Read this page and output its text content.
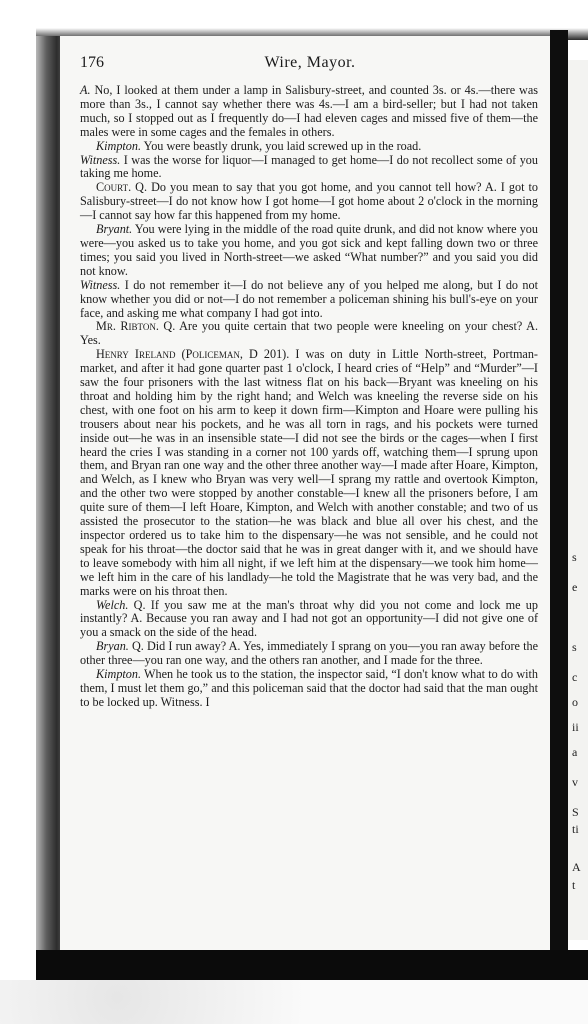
s
e
s
c
o
ii
a
v
S
ti
A
t
Wire, Mayor.
176

A. No, I looked at them under a lamp in Salisbury-street, and counted 3s. or 4s.—there was more than 3s., I cannot say whether there was 4s.—I am a bird-seller; but I had not taken much, so I stopped out as I frequently do—I had eleven cages and missed five of them—the males were in some cages and the females in others.

Kimpton. You were beastly drunk, you laid screwed up in the road.

Witness. I was the worse for liquor—I managed to get home—I do not recollect some of you taking me home.

Court. Q. Do you mean to say that you got home, and you cannot tell how? A. I got to Salisbury-street—I do not know how I got home—I got home about 2 o'clock in the morning—I cannot say how far this happened from my home.

Bryant. You were lying in the middle of the road quite drunk, and did not know where you were—you asked us to take you home, and you got sick and kept falling down two or three times; you said you lived in North-street—we asked “What number?” and you said you did not know.

Witness. I do not remember it—I do not believe any of you helped me along, but I do not know whether you did or not—I do not remember a policeman shining his bull's-eye on your face, and asking me what company I had got into.

Mr. Ribton. Q. Are you quite certain that two people were kneeling on your chest? A. Yes.

Henry Ireland (Policeman, D 201). I was on duty in Little North-street, Portman-market, and after it had gone quarter past 1 o'clock, I heard cries of “Help” and “Murder”—I saw the four prisoners with the last witness flat on his back—Bryant was kneeling on his throat and holding him by the right hand; and Welch was kneeling the reverse side on his chest, with one foot on his arm to keep it down firm—Kimpton and Hoare were pulling his trousers about near his pockets, and he was all torn in rags, and his pockets were turned inside out—he was in an insensible state—I did not see the birds or the cages—when I first heard the cries I was standing in a corner not 100 yards off, watching them—I sprung upon them, and Bryan ran one way and the other three another way—I made after Hoare, Kimpton, and Welch, as I knew who Bryan was very well—I sprang my rattle and overtook Kimpton, and the other two were stopped by another constable—I knew all the prisoners before, I am quite sure of them—I left Hoare, Kimpton, and Welch with another constable; and two of us assisted the prosecutor to the station—he was black and blue all over his chest, and the inspector ordered us to take him to the dispensary—he was not sensible, and he could not speak for his throat—the doctor said that he was in great danger with it, and we should have to leave somebody with him all night, if we left him at the dispensary—we took him home—we left him in the care of his landlady—he told the Magistrate that he was very bad, and the marks were on his throat then.

Welch. Q. If you saw me at the man's throat why did you not come and lock me up instantly? A. Because you ran away and I had not got an opportunity—I did not give one of you a smack on the side of the head.

Bryan. Q. Did I run away? A. Yes, immediately I sprang on you—you ran away before the other three—you ran one way, and the others ran another, and I made for the three.

Kimpton. When he took us to the station, the inspector said, “I don't know what to do with them, I must let them go,” and this policeman said that the doctor had said that the man ought to be locked up. Witness. I
